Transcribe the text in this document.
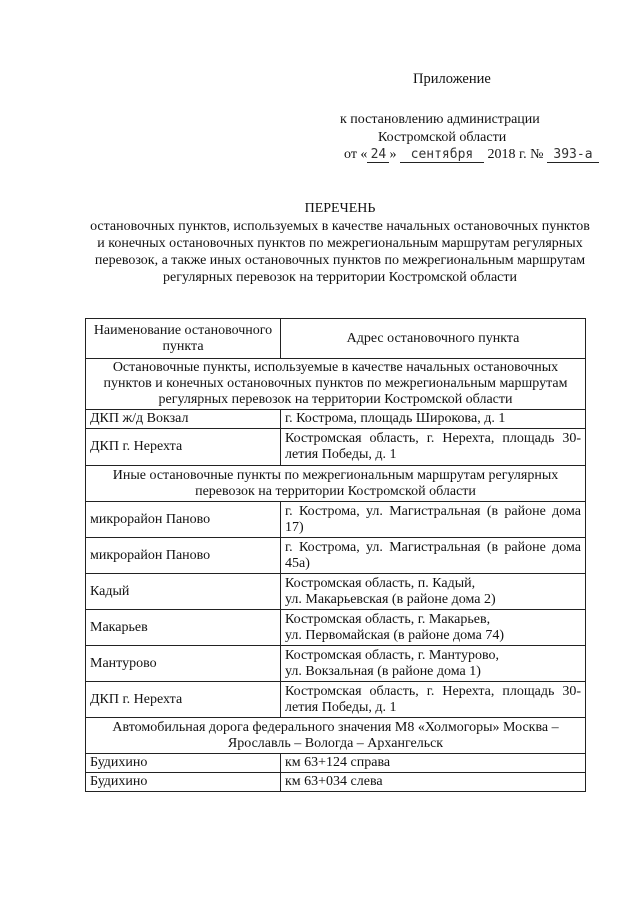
Приложение
к постановлению администрации
Костромской области
от « 24 » сентября 2018 г. № 393-а
ПЕРЕЧЕНЬ
остановочных пунктов, используемых в качестве начальных остановочных пунктов и конечных остановочных пунктов по межрегиональным маршрутам регулярных перевозок, а также иных остановочных пунктов по межрегиональным маршрутам регулярных перевозок на территории Костромской области
Наименование остановочного пункта	Адрес остановочного пункта
Остановочные пункты, используемые в качестве начальных остановочных пунктов и конечных остановочных пунктов по межрегиональным маршрутам регулярных перевозок на территории Костромской области	
ДКП ж/д Вокзал	г. Кострома, площадь Широкова, д. 1
ДКП г. Нерехта	Костромская область, г. Нерехта, площадь 30-летия Победы, д. 1
Иные остановочные пункты по межрегиональным маршрутам регулярных перевозок на территории Костромской области	
микрорайон Паново	г. Кострома, ул. Магистральная (в районе дома 17)
микрорайон Паново	г. Кострома, ул. Магистральная (в районе дома 45а)
Кадый	Костромская область, п. Кадый,
ул. Макарьевская (в районе дома 2)
Макарьев	Костромская область, г. Макарьев,
ул. Первомайская (в районе дома 74)
Мантурово	Костромская область, г. Мантурово,
ул. Вокзальная (в районе дома 1)
ДКП г. Нерехта	Костромская область, г. Нерехта, площадь 30-летия Победы, д. 1
Автомобильная дорога федерального значения М8 «Холмогоры» Москва – Ярославль – Вологда – Архангельск	
Будихино	км 63+124 справа
Будихино	км 63+034 слева
